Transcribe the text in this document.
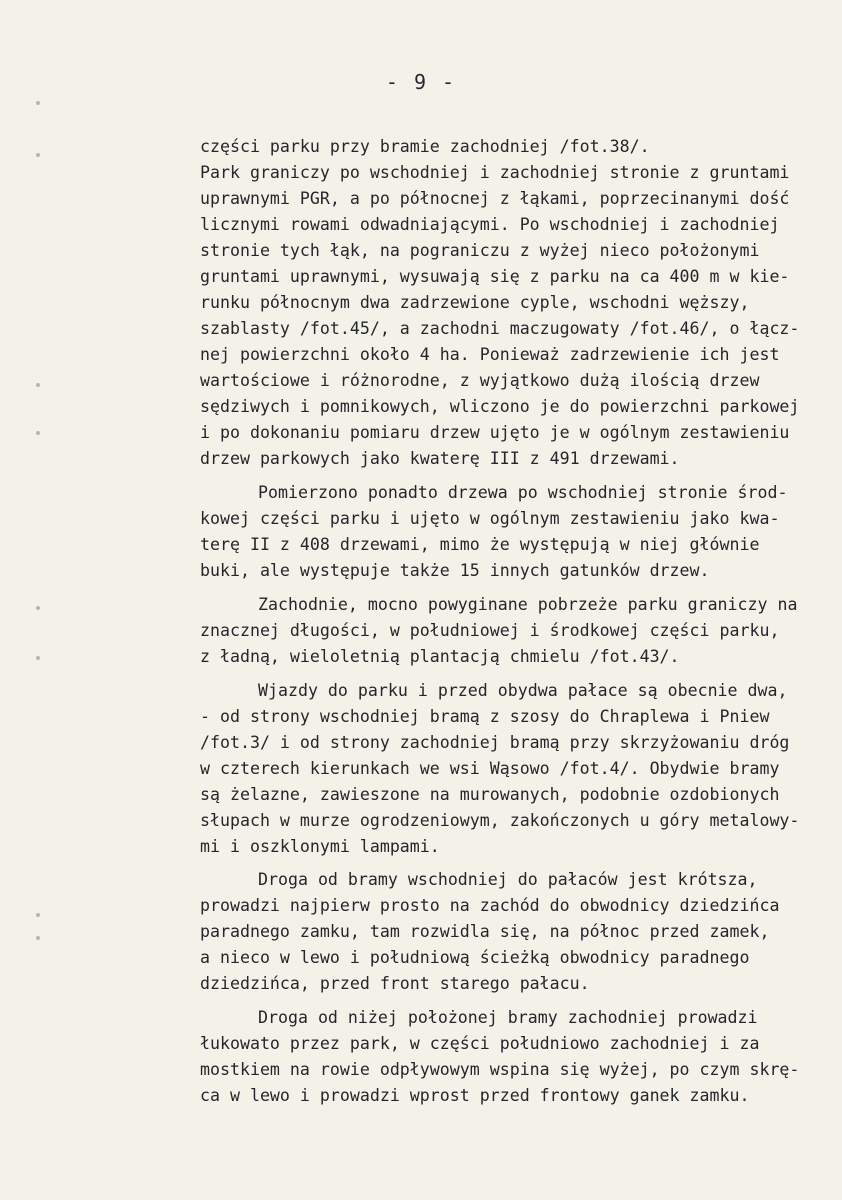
- 9 -
części parku przy bramie zachodniej /fot.38/.
Park graniczy po wschodniej i zachodniej stronie z gruntami
uprawnymi PGR, a po północnej z łąkami, poprzecinanymi dość
licznymi rowami odwadniającymi. Po wschodniej i zachodniej
stronie tych łąk, na pograniczu z wyżej nieco położonymi
gruntami uprawnymi, wysuwają się z parku na ca 400 m w kie-
runku północnym dwa zadrzewione cyple, wschodni węższy,
szablasty /fot.45/, a zachodni maczugowaty /fot.46/, o łącz-
nej powierzchni około 4 ha. Ponieważ zadrzewienie ich jest
wartościowe i różnorodne, z wyjątkowo dużą ilością drzew
sędziwych i pomnikowych, wliczono je do powierzchni parkowej
i po dokonaniu pomiaru drzew ujęto je w ogólnym zestawieniu
drzew parkowych jako kwaterę III z 491 drzewami.
Pomierzono ponadto drzewa po wschodniej stronie środ-
kowej części parku i ujęto w ogólnym zestawieniu jako kwa-
terę II z 408 drzewami, mimo że występują w niej głównie
buki, ale występuje także 15 innych gatunków drzew.
Zachodnie, mocno powyginane pobrzeże parku graniczy na
znacznej długości, w południowej i środkowej części parku,
z ładną, wieloletnią plantacją chmielu /fot.43/.
Wjazdy do parku i przed obydwa pałace są obecnie dwa,
- od strony wschodniej bramą z szosy do Chraplewa i Pniew
/fot.3/ i od strony zachodniej bramą przy skrzyżowaniu dróg
w czterech kierunkach we wsi Wąsowo /fot.4/. Obydwie bramy
są żelazne, zawieszone na murowanych, podobnie ozdobionych
słupach w murze ogrodzeniowym, zakończonych u góry metalowy-
mi i oszklonymi lampami.
Droga od bramy wschodniej do pałaców jest krótsza,
prowadzi najpierw prosto na zachód do obwodnicy dziedzińca
paradnego zamku, tam rozwidla się, na północ przed zamek,
a nieco w lewo i południową ścieżką obwodnicy paradnego
dziedzińca, przed front starego pałacu.
Droga od niżej położonej bramy zachodniej prowadzi
łukowato przez park, w części południowo zachodniej i za
mostkiem na rowie odpływowym wspina się wyżej, po czym skrę-
ca w lewo i prowadzi wprost przed frontowy ganek zamku.
